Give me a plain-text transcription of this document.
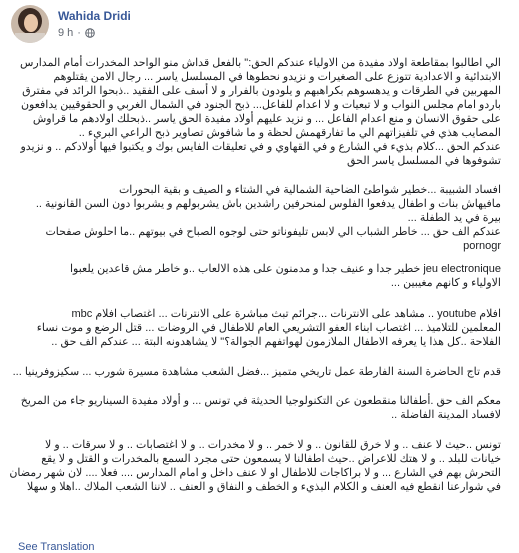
Wahida Dridi
9 h ·
الي اطالبوا بمقاطعة اولاد مفيدة من الاولياء عندكم الحق:" بالفعل قداش منو الواحد المخدرات أمام المدارس
الابتدائية و الاعدادية تتوزع على الصغيرات و نزيدو نحطوها في المسلسل ياسر ... رجال الامن يقتلوهم
المهربين في الطرقات و يدهسوهم بكراهبهم و يلودون بالفرار و لا أسف على الفقيد ..ذبحوا الرائد في مفترق
باردو امام مجلس النواب و لا تبعيات و لا اعدام للفاعل... ذبح الجنود في الشمال الغربي و الحقوقيين يدافعون
على حقوق الانسان و منع اعدام الفاعل ... و نزيد عليهم أولاد مفيدة الحق ياسر ..ذبحلك اولادهم ما قراوش
المصايب هذي في تلفيزاتهم الي ما تفارقهمش لحظة و ما شافوش تصاوير ذبح الراعي البريء ..
عندكم الحق ...كلام بذيء في الشارع و في القهاوي و في تعليقات الفايس بوك و يكتبوا فيها أولادكم .. و نزيدو
تشوفوها في المسلسل ياسر الحق
افساد الشبيبة ...خطير شواطئ الضاحية الشمالية في الشتاء و الصيف و بقية البحورات
مافيهاش بنات و اطفال يدفعوا الفلوس لمنحرفين راشدين باش يشربولهم و يشربوا دون السن القانونية ..
بيرة في يد الطفلة ...
عندكم الف حق ... خاطر الشباب الي لابس تليفوناتو حتى لوجوه الصباح في بيوتهم ..ما احلوش صفحات
pornogr
jeu electronique خطير جدا و عنيف جدا و مدمنون على هذه الالعاب ..و خاطر مش قاعدين يلعبوا
الاولياء و كانهم مغيبين ...
افلام youtube .. مشاهد على الانترنات ...جرائم تبث مباشرة على الانترنات ... اغتصاب افلام mbc
المعلمين للتلاميذ ... اغتصاب ابناء العفو التشريعي العام للاطفال في الروضات ... قتل الرضع و موت نساء
الفلاحة ..كل هذا يا يعرفه الاطفال الملازمون لهواتفهم الجوالة؟" لا يشاهدونه البتة ... عندكم الف حق ..
قدم تاج الحاضرة السنة الفارطة عمل تاريخي متميز ...فضل الشعب مشاهدة مسيرة شورب ... سكيزوفرينيا ...
معكم الف حق .أطفالنا منقطعون عن التكنولوجيا الحديثة في تونس ... و أولاد مفيدة السيناريو جاء من المريخ
لافساد المدينة الفاضلة ..
تونس ..حيث لا عنف .. و لا خرق للقانون .. و لا خمر .. و لا مخدرات .. و لا اغتصابات .. و لا سرقات .. و لا
خيانات للبلد .. و لا هتك للاعراض ..حيث اطفالنا لا يسمعون حتى مجرد السمع بالمخدرات و القتل و لا يقع
التحرش بهم في الشارع ... و لا براكاجات للاطفال او لا عنف داخل و امام المدارس .... فعلا .... لان شهر رمضان
في شوارعنا انقطع فيه العنف و الكلام البذيء و الخطف و النفاق و العنف .. لاننا الشعب الملاك ..اهلا و سهلا
See Translation
